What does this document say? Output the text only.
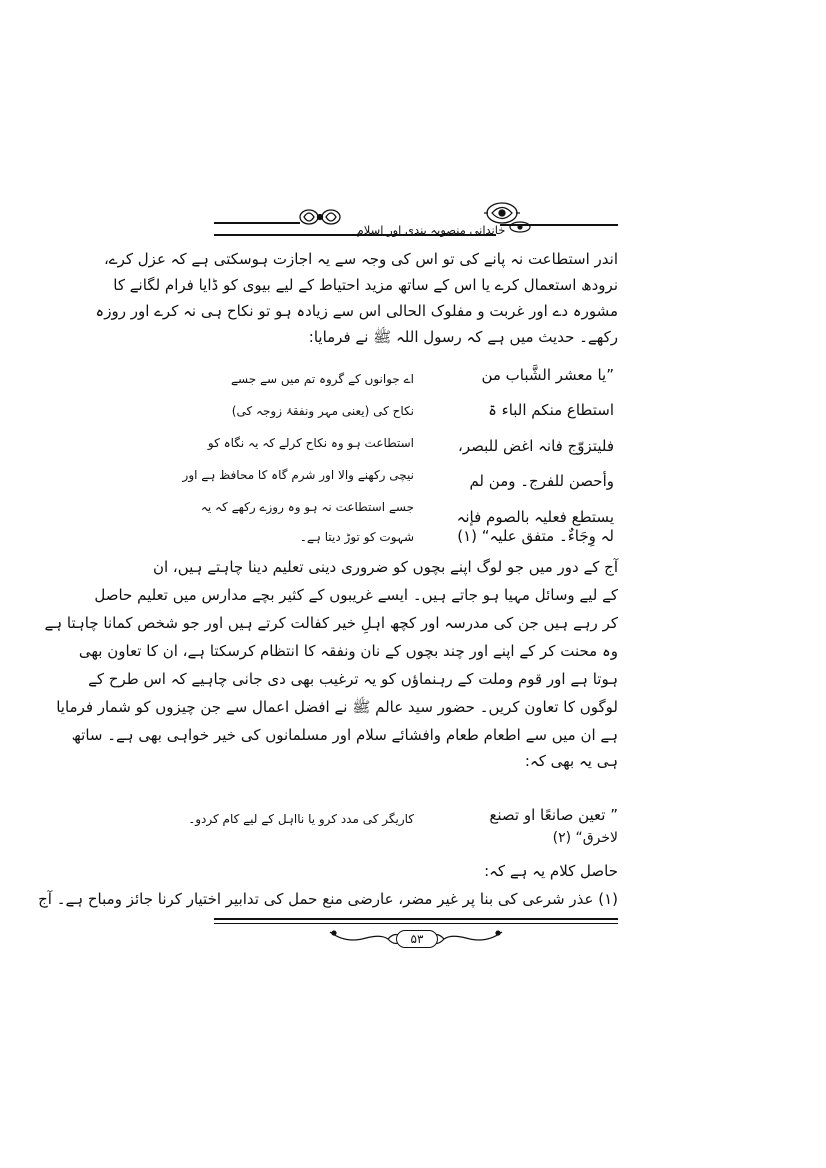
خاندانی منصوبہ بندی اور اسلام
اندر استطاعت نہ پانے کی تو اس کی وجہ سے یہ اجازت ہوسکتی ہے کہ عزل کرے،
نرودھ استعمال کرے یا اس کے ساتھ مزید احتیاط کے لیے بیوی کو ڈایا فرام لگانے کا
مشورہ دے اور غربت و مفلوک الحالی اس سے زیادہ ہو تو نکاح ہی نہ کرے اور روزہ
رکھے۔ حدیث میں ہے کہ رسول اللہ ﷺ نے فرمایا:
”یا معشر الشَّباب من
استطاع منکم الباء ۃ
فلیتزوّج فانہ اغض للبصر،
وأحصن للفرج۔ ومن لم
یستطع فعلیہ بالصوم فإنہ
لہ وِجَاءٌ۔ متفق علیہ“ (۱)
اے جوانوں کے گروہ تم میں سے جسے
نکاح کی (یعنی مہر ونفقۂ زوجہ کی)
استطاعت ہو وہ نکاح کرلے کہ یہ نگاہ کو
نیچی رکھنے والا اور شرم گاہ کا محافظ ہے اور
جسے استطاعت نہ ہو وہ روزے رکھے کہ یہ
شہوت کو توڑ دیتا ہے۔
آج کے دور میں جو لوگ اپنے بچوں کو ضروری دینی تعلیم دینا چاہتے ہیں، ان
کے لیے وسائل مہیا ہو جاتے ہیں۔ ایسے غریبوں کے کثیر بچے مدارس میں تعلیم حاصل
کر رہے ہیں جن کی مدرسہ اور کچھ اہلِ خیر کفالت کرتے ہیں اور جو شخص کمانا چاہتا ہے
وہ محنت کر کے اپنے اور چند بچوں کے نان ونفقہ کا انتظام کرسکتا ہے، ان کا تعاون بھی
ہوتا ہے اور قوم وملت کے رہنماؤں کو یہ ترغیب بھی دی جانی چاہیے کہ اس طرح کے
لوگوں کا تعاون کریں۔ حضور سید عالم ﷺ نے افضل اعمال سے جن چیزوں کو شمار فرمایا
ہے ان میں سے اطعام طعام وافشائے سلام اور مسلمانوں کی خیر خواہی بھی ہے۔ ساتھ
ہی یہ بھی کہ:
” تعین صانعًا او تصنع
لاخرق“ (۲)
کاریگر کی مدد کرو یا نااہل کے لیے کام کردو۔
حاصل کلام یہ ہے کہ:
(۱) عذر شرعی کی بنا پر غیر مضر، عارضی منع حمل کی تدابیر اختیار کرنا جائز ومباح ہے۔ آج
۵۳
